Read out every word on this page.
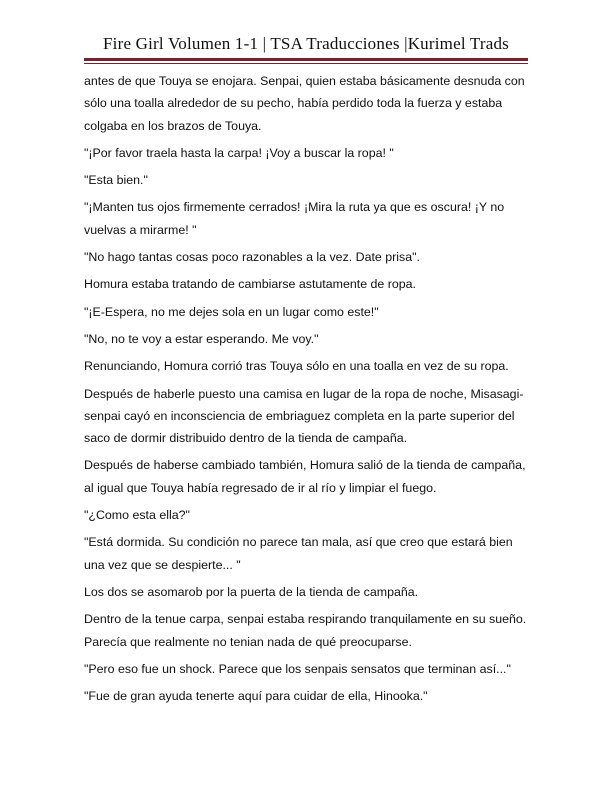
Fire Girl Volumen 1-1 | TSA Traducciones |Kurimel Trads

antes de que Touya se enojara. Senpai, quien estaba básicamente desnuda con sólo una toalla alrededor de su pecho, había perdido toda la fuerza y estaba colgaba en los brazos de Touya.

"¡Por favor traela hasta la carpa! ¡Voy a buscar la ropa! "

"Esta bien."

"¡Manten tus ojos firmemente cerrados! ¡Mira la ruta ya que es oscura! ¡Y no vuelvas a mirarme! "

"No hago tantas cosas poco razonables a la vez. Date prisa".

Homura estaba tratando de cambiarse astutamente de ropa.

"¡E-Espera, no me dejes sola en un lugar como este!"

"No, no te voy a estar esperando. Me voy."

Renunciando, Homura corrió tras Touya sólo en una toalla en vez de su ropa.

Después de haberle puesto una camisa en lugar de la ropa de noche, Misasagi-senpai cayó en inconsciencia de embriaguez completa en la parte superior del saco de dormir distribuido dentro de la tienda de campaña.

Después de haberse cambiado también, Homura salió de la tienda de campaña, al igual que Touya había regresado de ir al río y limpiar el fuego.

"¿Como esta ella?"

"Está dormida. Su condición no parece tan mala, así que creo que estará bien una vez que se despierte... "

Los dos se asomarob por la puerta de la tienda de campaña.

Dentro de la tenue carpa, senpai estaba respirando tranquilamente en su sueño. Parecía que realmente no tenian nada de qué preocuparse.

"Pero eso fue un shock. Parece que los senpais sensatos que terminan así..."

"Fue de gran ayuda tenerte aquí para cuidar de ella, Hinooka."
